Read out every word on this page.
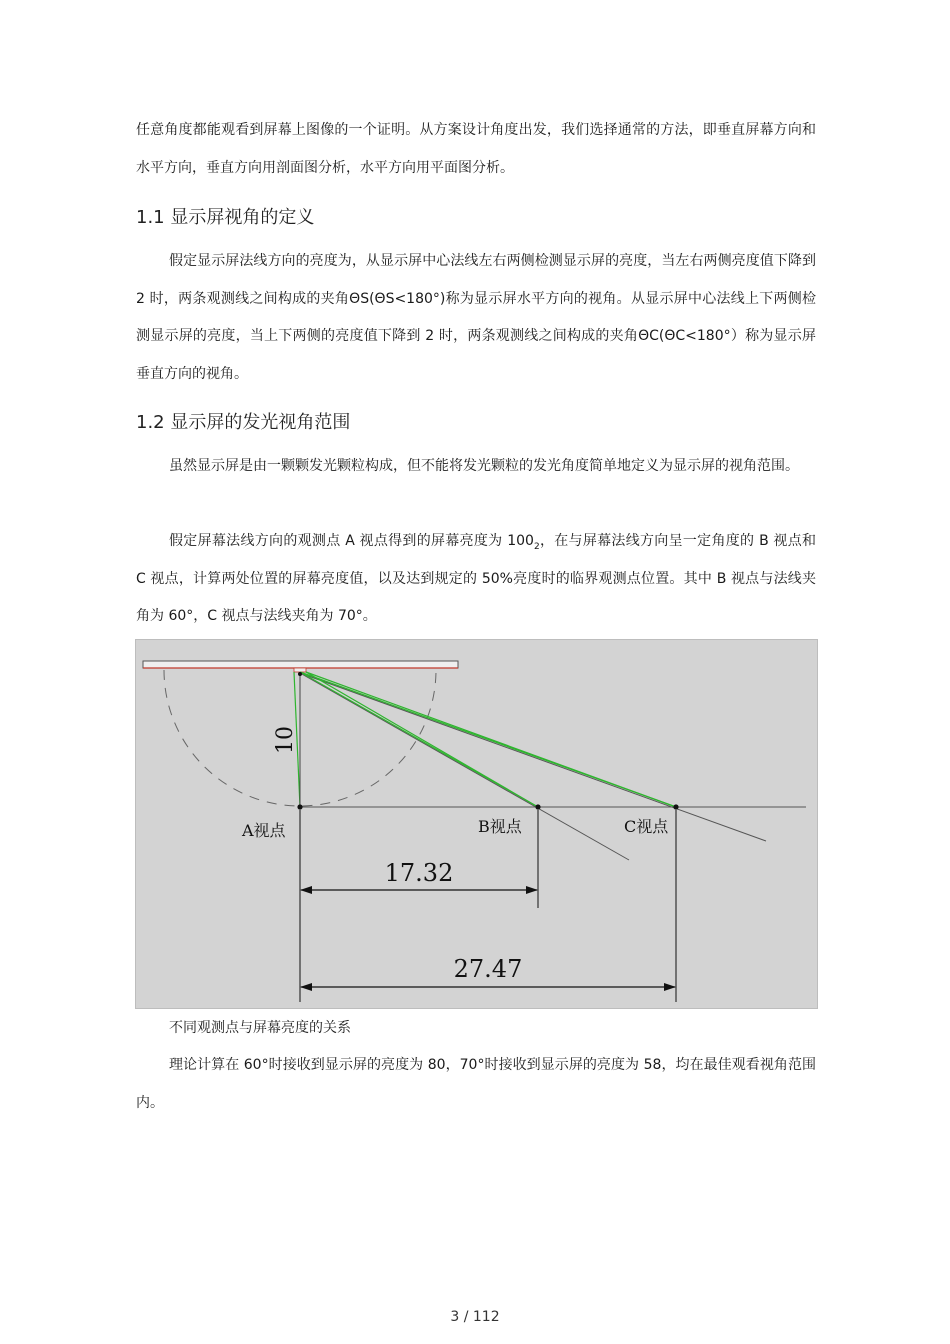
任意角度都能观看到屏幕上图像的一个证明。从方案设计角度出发，我们选择通常的方法，即垂直屏幕方向和水平方向，垂直方向用剖面图分析，水平方向用平面图分析。

1.1 显示屏视角的定义

假定显示屏法线方向的亮度为，从显示屏中心法线左右两侧检测显示屏的亮度，当左右两侧亮度值下降到 2 时，两条观测线之间构成的夹角ΘS(ΘS<180°)称为显示屏水平方向的视角。从显示屏中心法线上下两侧检测显示屏的亮度，当上下两侧的亮度值下降到 2 时，两条观测线之间构成的夹角ΘC(ΘC<180°）称为显示屏垂直方向的视角。

1.2 显示屏的发光视角范围

虽然显示屏是由一颗颗发光颗粒构成，但不能将发光颗粒的发光角度简单地定义为显示屏的视角范围。

假定屏幕法线方向的观测点 A 视点得到的屏幕亮度为 $100_2$，在与屏幕法线方向呈一定角度的 B 视点和 C 视点，计算两处位置的屏幕亮度值，以及达到规定的 50%亮度时的临界观测点位置。其中 B 视点与法线夹角为 60°，C 视点与法线夹角为 70°。

10
A视点	B视点	C视点
17.32
27.47

不同观测点与屏幕亮度的关系

理论计算在 60°时接收到显示屏的亮度为 80，70°时接收到显示屏的亮度为 58，均在最佳观看视角范围内。

3 / 112
